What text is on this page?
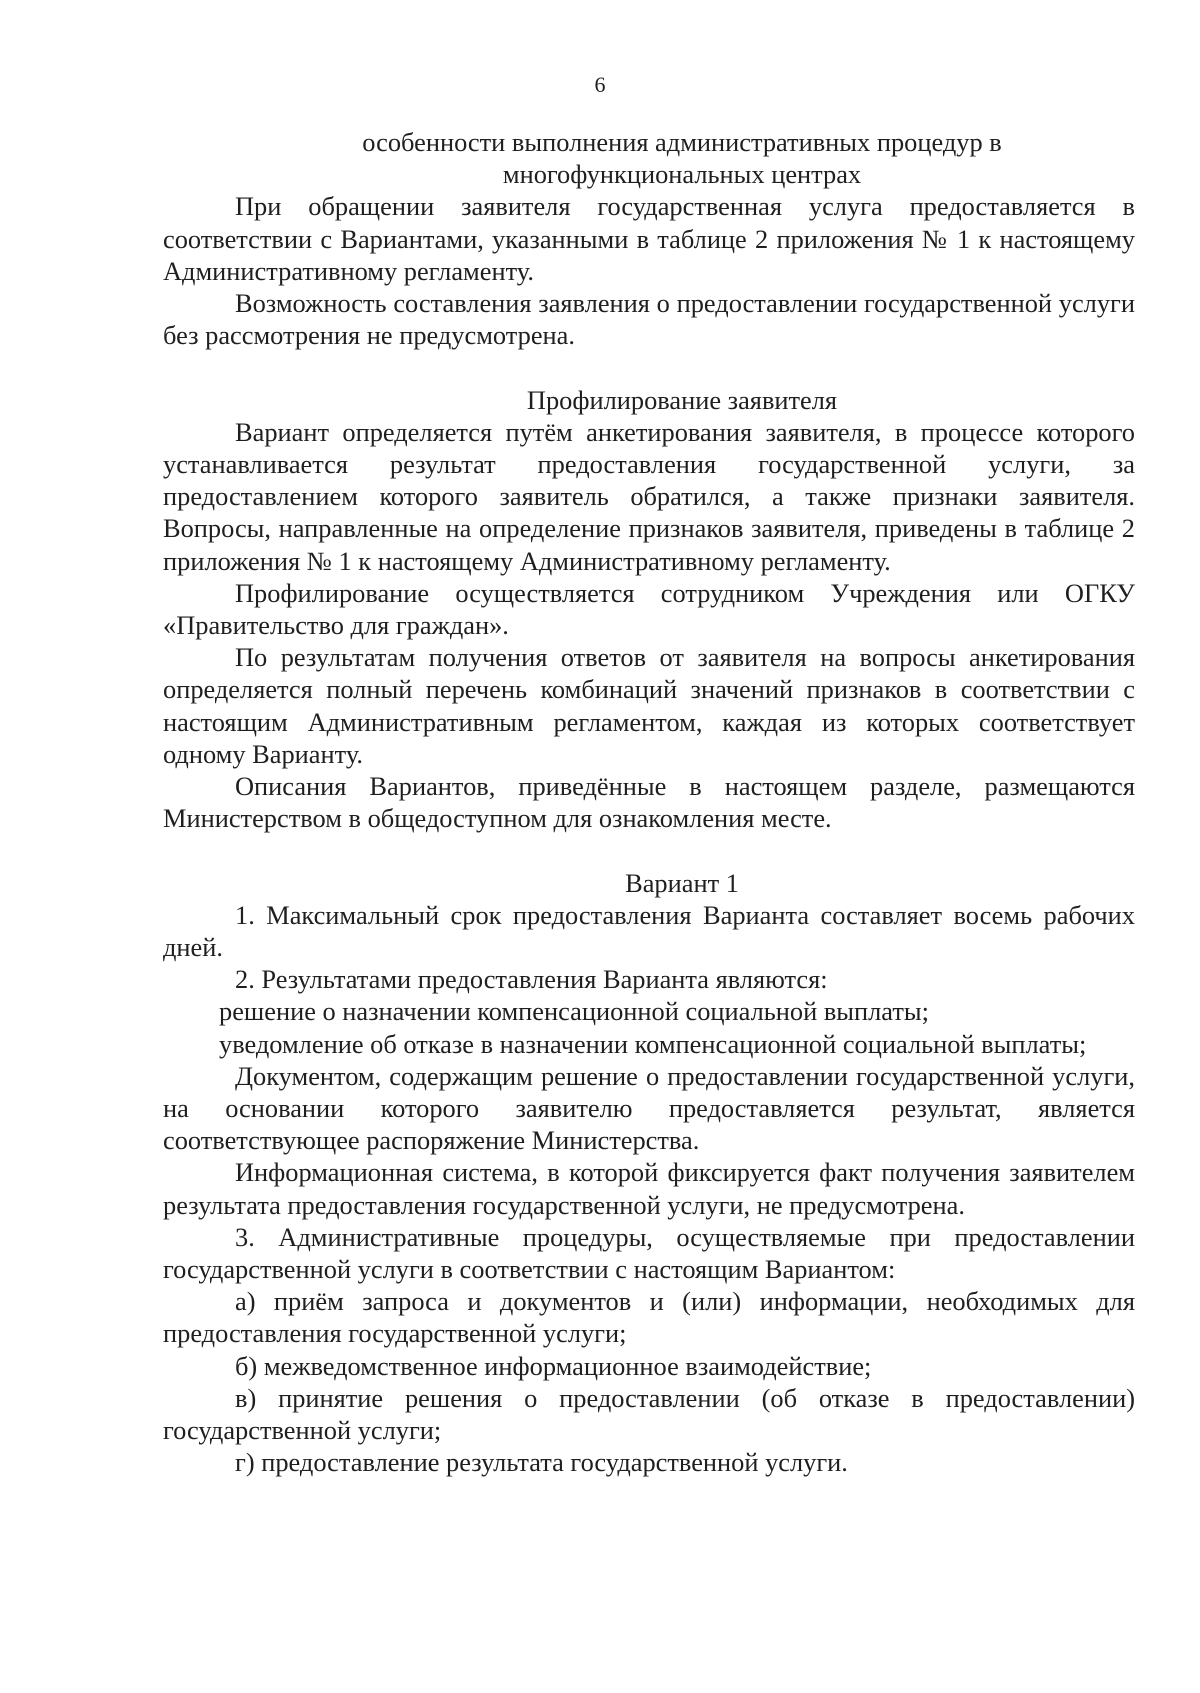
6
особенности выполнения административных процедур в
многофункциональных центрах

При обращении заявителя государственная услуга предоставляется в соответствии с Вариантами, указанными в таблице 2 приложения № 1 к настоящему Административному регламенту.

Возможность составления заявления о предоставлении государственной услуги без рассмотрения не предусмотрена.

Профилирование заявителя

Вариант определяется путём анкетирования заявителя, в процессе которого устанавливается результат предоставления государственной услуги, за предоставлением которого заявитель обратился, а также признаки заявителя. Вопросы, направленные на определение признаков заявителя, приведены в таблице 2 приложения № 1 к настоящему Административному регламенту.

Профилирование осуществляется сотрудником Учреждения или ОГКУ «Правительство для граждан».

По результатам получения ответов от заявителя на вопросы анкетирования определяется полный перечень комбинаций значений признаков в соответствии с настоящим Административным регламентом, каждая из которых соответствует одному Варианту.

Описания Вариантов, приведённые в настоящем разделе, размещаются Министерством в общедоступном для ознакомления месте.

Вариант 1

1. Максимальный срок предоставления Варианта составляет восемь рабочих дней.

2. Результатами предоставления Варианта являются:

решение о назначении компенсационной социальной выплаты;

уведомление об отказе в назначении компенсационной социальной выплаты;

Документом, содержащим решение о предоставлении государственной услуги, на основании которого заявителю предоставляется результат, является соответствующее распоряжение Министерства.

Информационная система, в которой фиксируется факт получения заявителем результата предоставления государственной услуги, не предусмотрена.

3. Административные процедуры, осуществляемые при предоставлении государственной услуги в соответствии с настоящим Вариантом:

а) приём запроса и документов и (или) информации, необходимых для предоставления государственной услуги;

б) межведомственное информационное взаимодействие;

в) принятие решения о предоставлении (об отказе в предоставлении) государственной услуги;

г) предоставление результата государственной услуги.
